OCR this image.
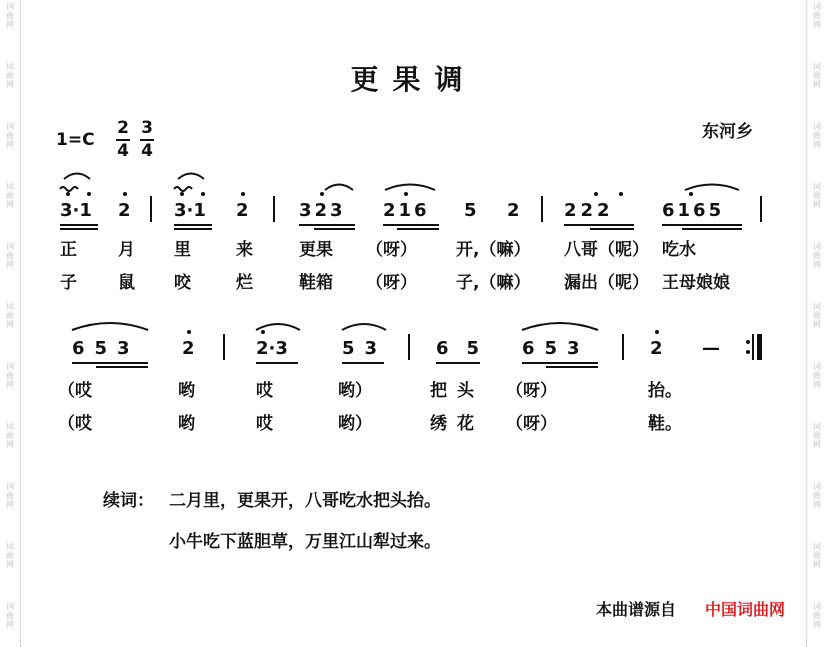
词
曲
网
词
曲
网
词
曲
网
词
曲
网
词
曲
网
词
曲
网
词
曲
网
词
曲
网
词
曲
网
词
曲
网
词
曲
网
词
曲
网
词
曲
网
词
曲
网
词
曲
网
词
曲
网
词
曲
网
词
曲
网
词
曲
网
词
曲
网
词
曲
网
词
曲
网
更果调
1=C
2
4
3
4
东河乡
3·1 2 3·1 2	323 216 5 2 222	6165
正 月 里	来	更果 （呀） 开,（嘛） 八哥（呢） 吃水
子 鼠 咬	烂	鞋箱 （呀） 子,（嘛） 漏出（呢） 王母娘娘
653 2	2·3	53	65 653	2 —
（哎	哟	哎	哟）	把头 （呀）	抬。
（哎	哟	哎	哟）	绣花 （呀）	鞋。
续词： 二月里，更果开，八哥吃水把头抬。
小牛吃下蓝胆草，万里江山犁过来。
本曲谱源自 中国词曲网
